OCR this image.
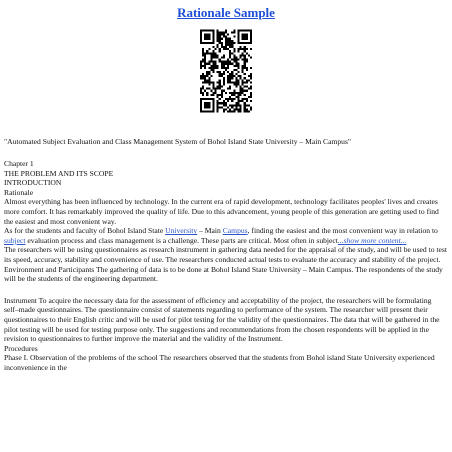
Rationale Sample

"Automated Subject Evaluation and Class Management System of Bohol Island State University – Main Campus"

Chapter 1

THE PROBLEM AND ITS SCOPE

INTRODUCTION

Rationale

Almost everything has been influenced by technology. In the current era of rapid development, technology facilitates peoples' lives and creates more comfort. It has remarkably improved the quality of life. Due to this advancement, young people of this generation are getting used to find the easiest and most convenient way.

As for the students and faculty of Bohol Island State University – Main Campus, finding the easiest and the most convenient way in relation to subject evaluation process and class management is a challenge. These parts are critical. Most often in subject...show more content...

The researchers will be using questionnaires as research instrument in gathering data needed for the appraisal of the study, and will be used to test its speed, accuracy, stability and convenience of use. The researchers conducted actual tests to evaluate the accuracy and stability of the project. Environment and Participants The gathering of data is to be done at Bohol Island State University – Main Campus. The respondents of the study will be the students of the engineering department.

Instrument To acquire the necessary data for the assessment of efficiency and acceptability of the project, the researchers will be formulating self–made questionnaires. The questionnaire consist of statements regarding to performance of the system. The researcher will present their questionnaires to their English critic and will be used for pilot testing for the validity of the questionnaires. The data that will be gathered in the pilot testing will be used for testing purpose only. The suggestions and recommendations from the chosen respondents will be applied in the revision to questionnaires to further improve the material and the validity of the Instrument.

Procedures

Phase I. Observation of the problems of the school The researchers observed that the students from Bohol island State University experienced inconvenience in the
